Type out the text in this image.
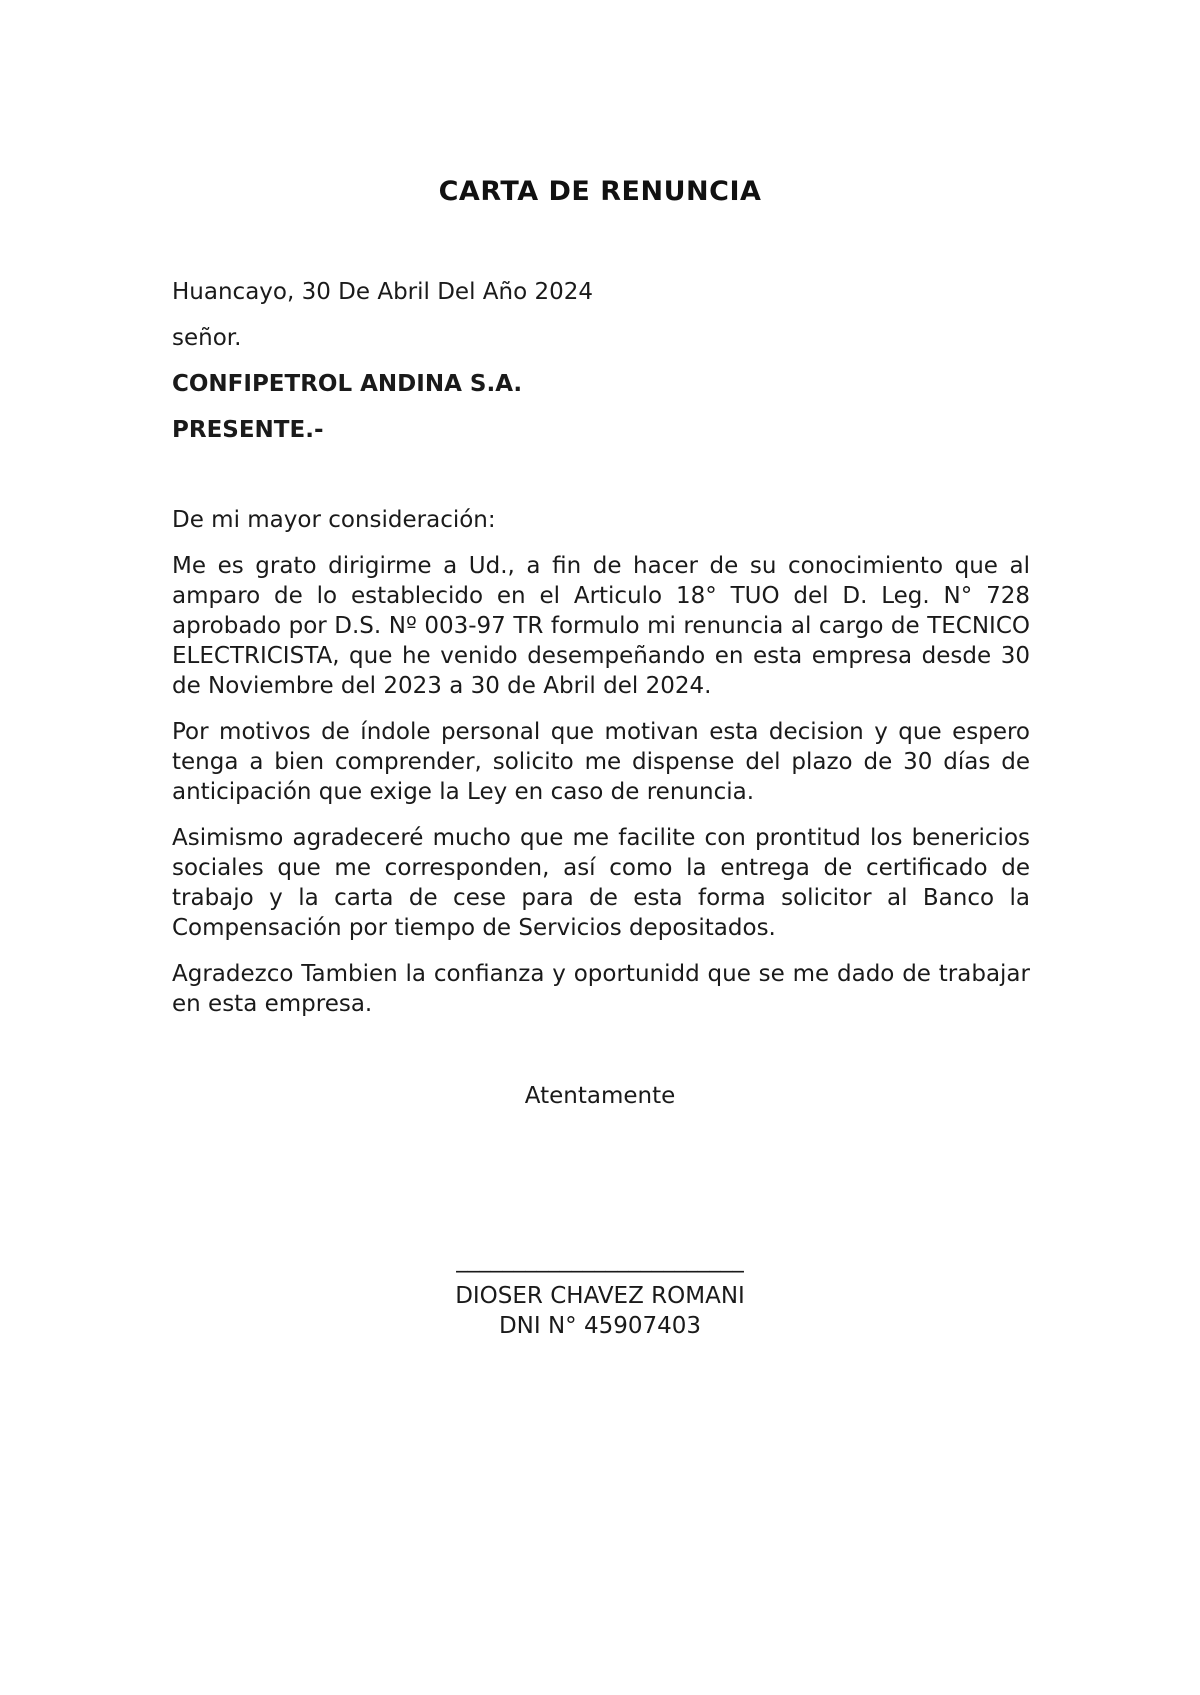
CARTA DE RENUNCIA
Huancayo, 30 De Abril Del Año 2024
señor.
CONFIPETROL ANDINA S.A.
PRESENTE.-
De mi mayor consideración:
Me es grato dirigirme a Ud., a fin de hacer de su conocimiento que al amparo de lo establecido en el Articulo 18° TUO del D. Leg. N° 728 aprobado por D.S. Nº 003-97 TR formulo mi renuncia al cargo de TECNICO ELECTRICISTA, que he venido desempeñando en esta empresa desde 30 de Noviembre del 2023 a 30 de Abril del 2024.
Por motivos de índole personal que motivan esta decision y que espero tenga a bien comprender, solicito me dispense del plazo de 30 días de anticipación que exige la Ley en caso de renuncia.
Asimismo agradeceré mucho que me facilite con prontitud los benericios sociales que me corresponden, así como la entrega de certificado de trabajo y la carta de cese para de esta forma solicitor al Banco la Compensación por tiempo de Servicios depositados.
Agradezco Tambien la confianza y oportunidd que se me dado de trabajar en esta empresa.
Atentamente
_________________________
DIOSER CHAVEZ ROMANI
DNI N° 45907403
